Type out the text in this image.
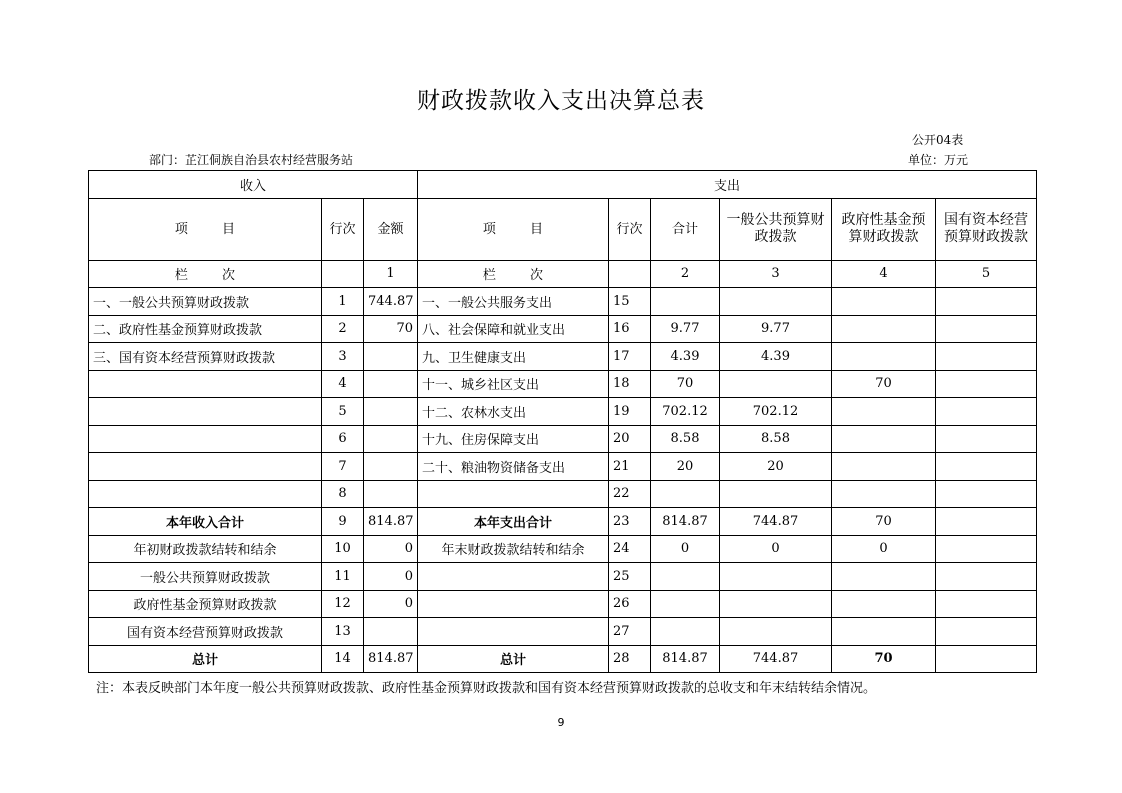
财政拨款收入支出决算总表
公开04表
部门：芷江侗族自治县农村经营服务站	单位：万元
收入			支出					
项 目	行次	金额	项 目	行次	合计	一般公共预算财政拨款	政府性基金预算财政拨款	国有资本经营预算财政拨款
栏 次		1	栏 次		2	3	4	5
一、一般公共预算财政拨款	1	744.87	一、一般公共服务支出	15				
二、政府性基金预算财政拨款	2	70	八、社会保障和就业支出	16	9.77	9.77		
三、国有资本经营预算财政拨款	3		九、卫生健康支出	17	4.39	4.39		
	4		十一、城乡社区支出	18	70		70	
	5		十二、农林水支出	19	702.12	702.12		
	6		十九、住房保障支出	20	8.58	8.58		
	7		二十、粮油物资储备支出	21	20	20		
	8			22				
本年收入合计	9	814.87	本年支出合计	23	814.87	744.87	70	
年初财政拨款结转和结余	10	0	年末财政拨款结转和结余	24	0	0	0	
一般公共预算财政拨款	11	0		25				
政府性基金预算财政拨款	12	0		26				
国有资本经营预算财政拨款	13			27				
总计	14	814.87	总计	28	814.87	744.87	70	
注：本表反映部门本年度一般公共预算财政拨款、政府性基金预算财政拨款和国有资本经营预算财政拨款的总收支和年末结转结余情况。
9
